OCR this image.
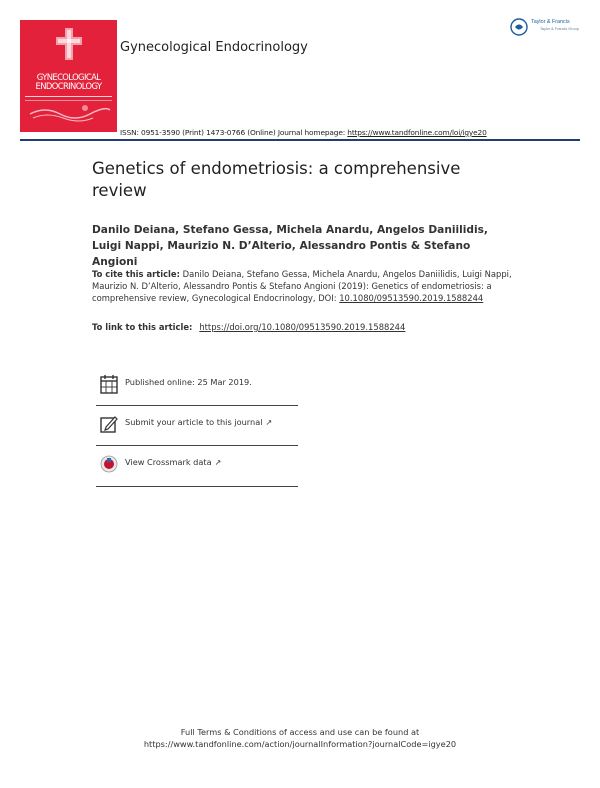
GYNECOLOGICAL
ENDOCRINOLOGY
Gynecological Endocrinology
Taylor & Francis
Taylor & Francis Group
ISSN: 0951-3590 (Print) 1473-0766 (Online) Journal homepage: https://www.tandfonline.com/loi/igye20
Genetics of endometriosis: a comprehensive review
Danilo Deiana, Stefano Gessa, Michela Anardu, Angelos Daniilidis, Luigi Nappi, Maurizio N. D’Alterio, Alessandro Pontis & Stefano Angioni
To cite this article: Danilo Deiana, Stefano Gessa, Michela Anardu, Angelos Daniilidis, Luigi Nappi, Maurizio N. D’Alterio, Alessandro Pontis & Stefano Angioni (2019): Genetics of endometriosis: a comprehensive review, Gynecological Endocrinology, DOI: 10.1080/09513590.2019.1588244
To link to this article: https://doi.org/10.1080/09513590.2019.1588244
Published online: 25 Mar 2019.
Submit your article to this journal ↗
View Crossmark data ↗
Full Terms & Conditions of access and use can be found at
https://www.tandfonline.com/action/journalInformation?journalCode=igye20
